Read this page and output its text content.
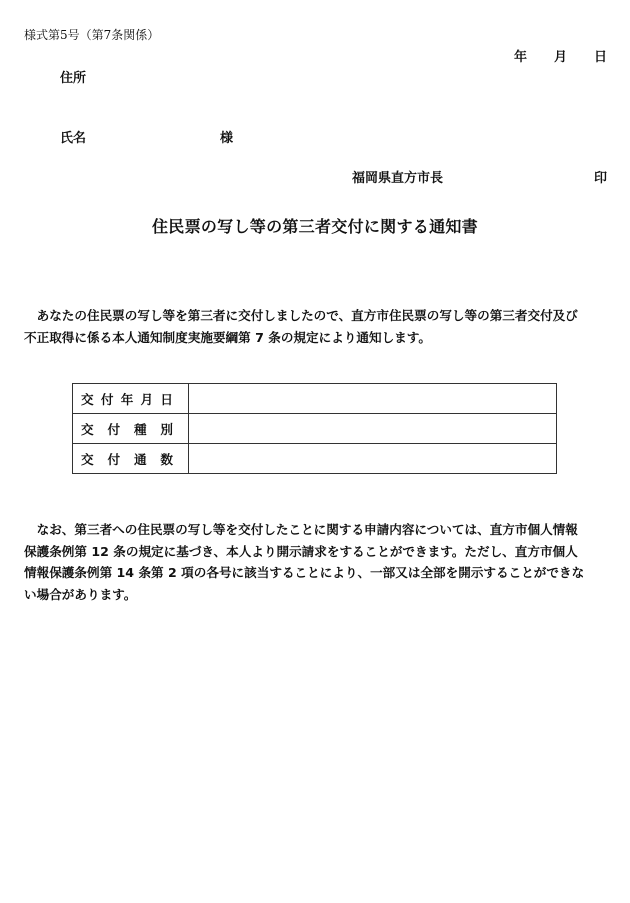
様式第5号（第7条関係）
年 月 日
住所
氏名	様
福岡県直方市長	印
住民票の写し等の第三者交付に関する通知書
　あなたの住民票の写し等を第三者に交付しましたので、直方市住民票の写し等の第三者交付及び
不正取得に係る本人通知制度実施要綱第 7 条の規定により通知します。
交 付 年 月 日	

交 付 種 別	

交 付 通 数	

　なお、第三者への住民票の写し等を交付したことに関する申請内容については、直方市個人情報
保護条例第 12 条の規定に基づき、本人より開示請求をすることができます。ただし、直方市個人
情報保護条例第 14 条第 2 項の各号に該当することにより、一部又は全部を開示することができな
い場合があります。
